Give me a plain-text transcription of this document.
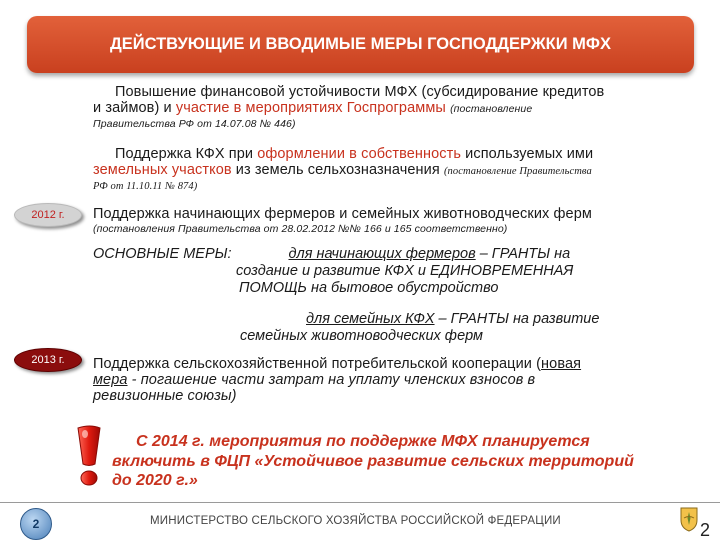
ДЕЙСТВУЮЩИЕ И ВВОДИМЫЕ МЕРЫ ГОСПОДДЕРЖКИ МФХ
Повышение финансовой устойчивости МФХ (субсидирование кредитов
и займов) и участие в мероприятиях Госпрограммы (постановление
Правительства РФ от 14.07.08 № 446)
Поддержка КФХ при оформлении в собственность используемых ими
земельных участков из земель сельхозназначения (постановление Правительства
РФ от 11.10.11 № 874)
2012 г.	Поддержка начинающих фермеров и семейных животноводческих ферм
(постановления Правительства от 28.02.2012 №№ 166 и 165 соответственно)
ОСНОВНЫЕ МЕРЫ:	для начинающих фермеров – ГРАНТЫ на
создание и развитие КФХ и ЕДИНОВРЕМЕННАЯ
ПОМОЩЬ на бытовое обустройство
для семейных КФХ – ГРАНТЫ на развитие
семейных животноводческих ферм
2013 г.	Поддержка сельскохозяйственной потребительской кооперации (новая
мера - погашение части затрат на уплату членских взносов в
ревизионные союзы)
С 2014 г. мероприятия по поддержке МФХ планируется
включить в ФЦП «Устойчивое развитие сельских территорий
до 2020 г.»
2	МИНИСТЕРСТВО СЕЛЬСКОГО ХОЗЯЙСТВА РОССИЙСКОЙ ФЕДЕРАЦИИ	2
